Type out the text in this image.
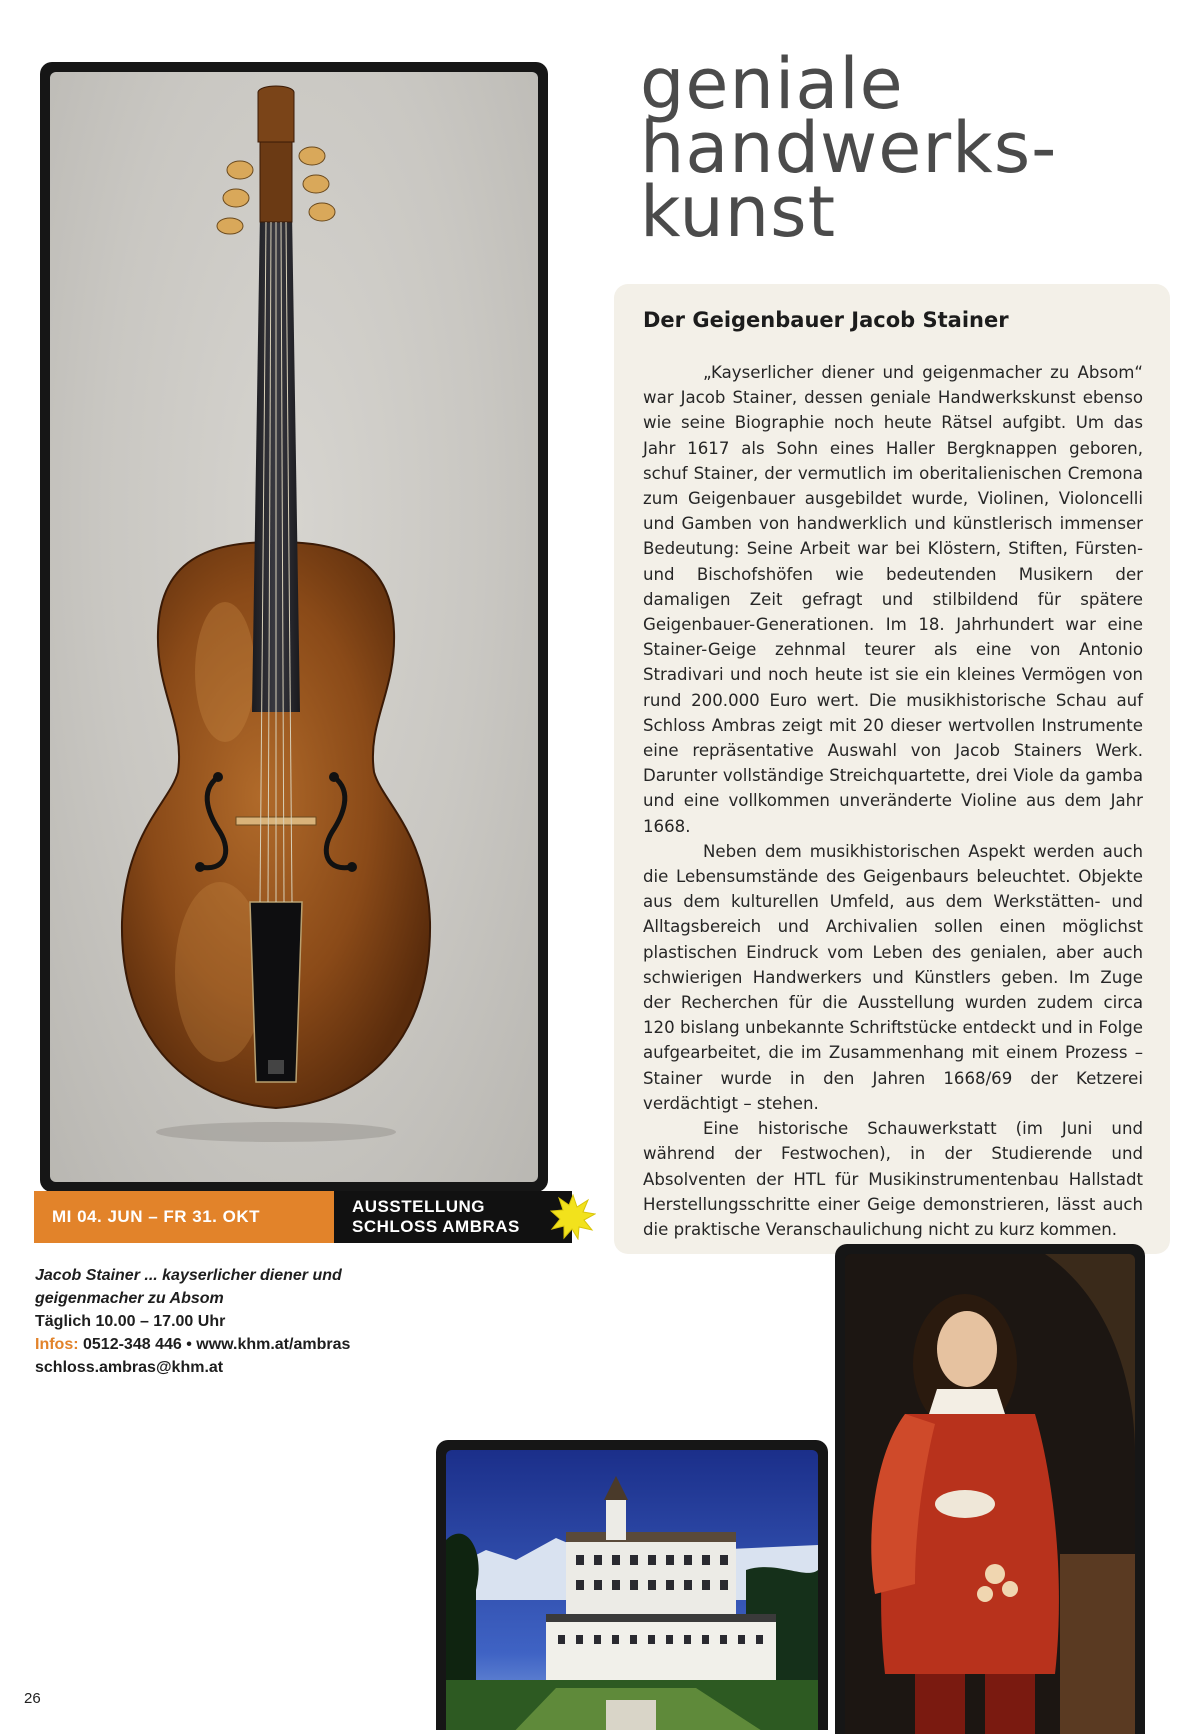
geniale
handwerks-
kunst
Der Geigenbauer Jacob Stainer

„Kayserlicher diener und geigenmacher zu Absom“ war Jacob Stainer, dessen geniale Handwerkskunst ebenso wie seine Biographie noch heute Rätsel aufgibt. Um das Jahr 1617 als Sohn eines Haller Bergknappen geboren, schuf Stainer, der vermutlich im oberitalienischen Cremona zum Geigenbauer ausgebildet wurde, Violinen, Violoncelli und Gamben von handwerklich und künstlerisch immenser Bedeutung: Seine Arbeit war bei Klöstern, Stiften, Fürsten- und Bischofshöfen wie bedeutenden Musikern der damaligen Zeit gefragt und stilbildend für spätere Geigenbauer-Generationen. Im 18. Jahrhundert war eine Stainer-Geige zehnmal teurer als eine von Antonio Stradivari und noch heute ist sie ein kleines Vermögen von rund 200.000 Euro wert. Die musikhistorische Schau auf Schloss Ambras zeigt mit 20 dieser wertvollen Instrumente eine repräsentative Auswahl von Jacob Stainers Werk. Darunter vollständige Streichquartette, drei Viole da gamba und eine vollkommen unveränderte Violine aus dem Jahr 1668.

Neben dem musikhistorischen Aspekt werden auch die Lebensumstände des Geigenbaurs beleuchtet. Objekte aus dem kulturellen Umfeld, aus dem Werkstätten- und Alltagsbereich und Archivalien sollen einen möglichst plastischen Eindruck vom Leben des genialen, aber auch schwierigen Handwerkers und Künstlers geben. Im Zuge der Recherchen für die Ausstellung wurden zudem circa 120 bislang unbekannte Schriftstücke entdeckt und in Folge aufgearbeitet, die im Zusammenhang mit einem Prozess – Stainer wurde in den Jahren 1668/69 der Ketzerei verdächtigt – stehen.

Eine historische Schauwerkstatt (im Juni und während der Festwochen), in der Studierende und Absolventen der HTL für Musikinstrumentenbau Hallstadt Herstellungsschritte einer Geige demonstrieren, lässt auch die praktische Veranschaulichung nicht zu kurz kommen.

MI 04. JUN – FR 31. OKT
AUSSTELLUNG
SCHLOSS AMBRAS
Jacob Stainer ... kayserlicher diener und
geigenmacher zu Absom
Täglich 10.00 – 17.00 Uhr
Infos: 0512-348 446 • www.khm.at/ambras
schloss.ambras@khm.at
26
